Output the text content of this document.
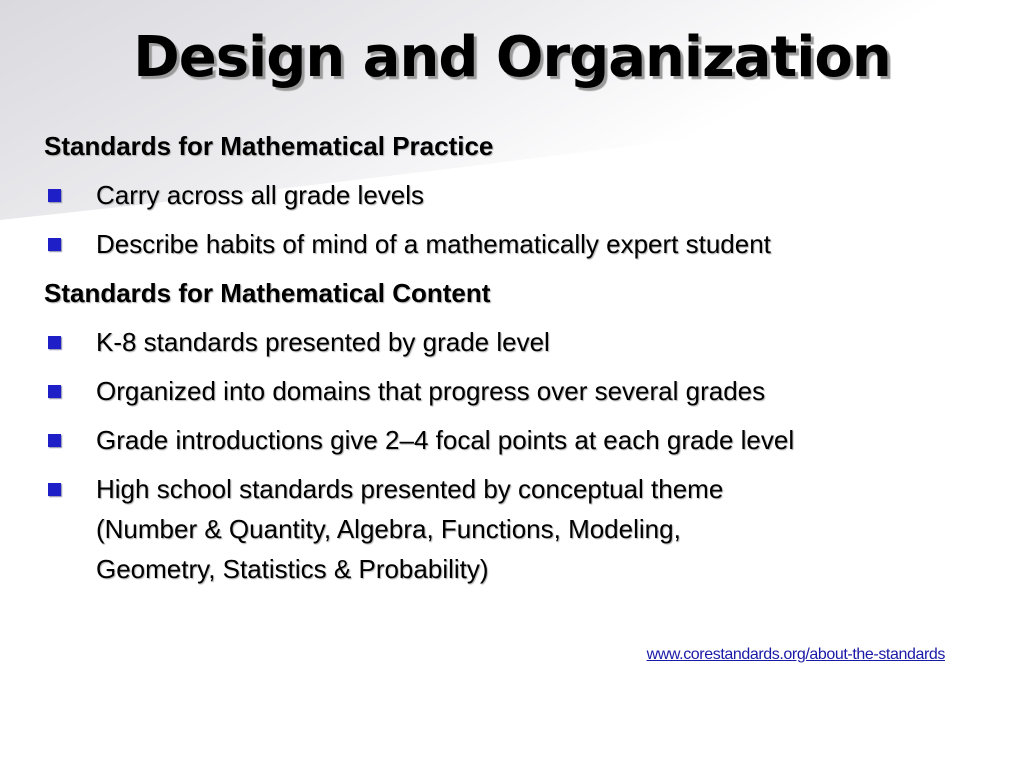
Design and Organization
Standards for Mathematical Practice
Carry across all grade levels
Describe habits of mind of a mathematically expert student
Standards for Mathematical Content
K-8 standards presented by grade level
Organized into domains that progress over several grades
Grade introductions give 2–4 focal points at each grade level
High school standards presented by conceptual theme
(Number & Quantity, Algebra, Functions, Modeling,
Geometry, Statistics & Probability)
www.corestandards.org/about-the-standards
